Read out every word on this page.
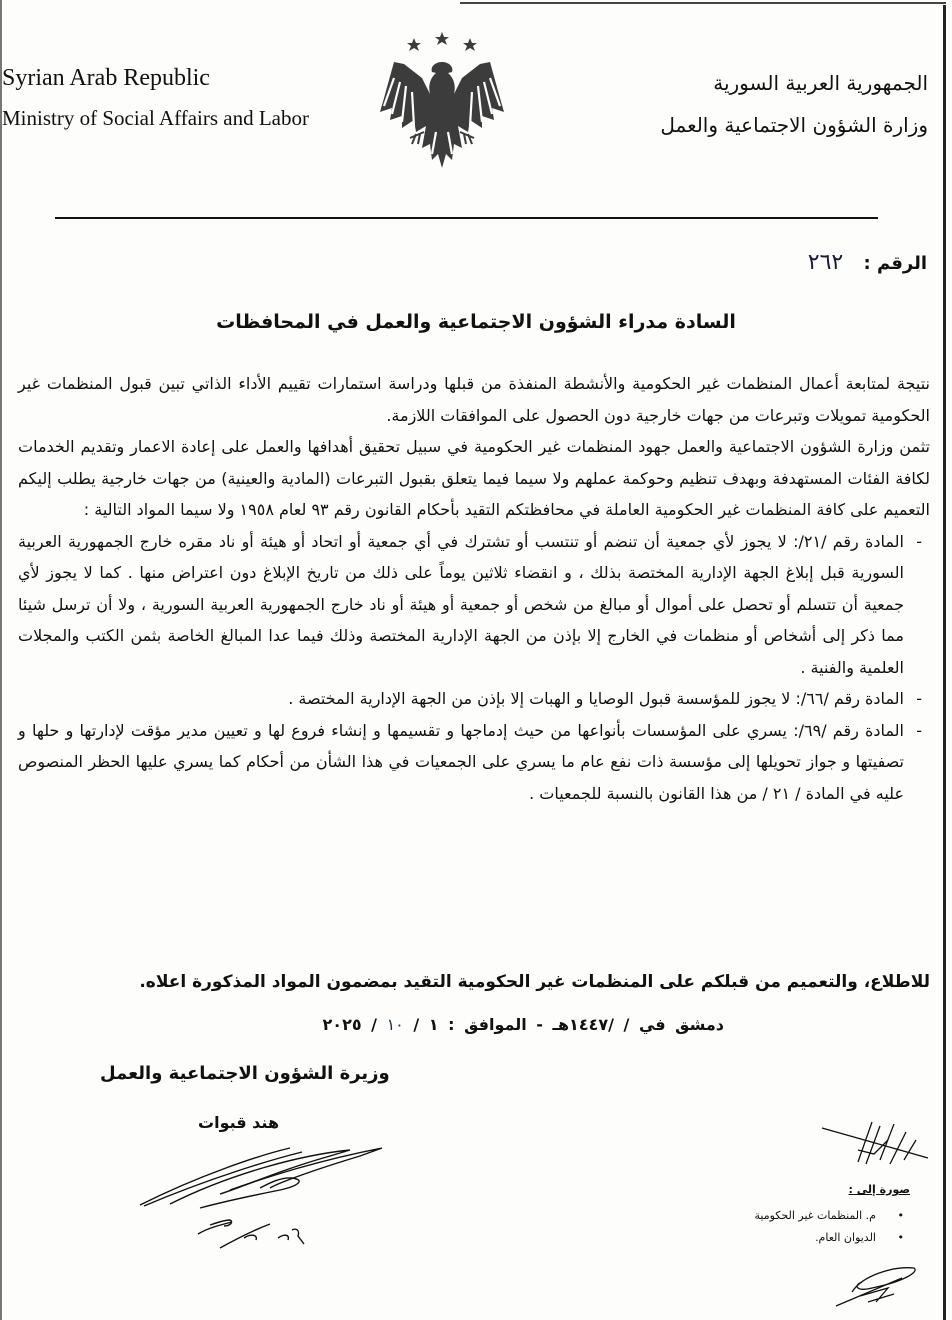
Syrian Arab Republic
Ministry of Social Affairs and Labor
الجمهورية العربية السورية
وزارة الشؤون الاجتماعية والعمل
الرقم : ٢٦٢
السادة مدراء الشؤون الاجتماعية والعمل في المحافظات

نتيجة لمتابعة أعمال المنظمات غير الحكومية والأنشطة المنفذة من قبلها ودراسة استمارات تقييم الأداء الذاتي تبين قبول المنظمات غير الحكومية تمويلات وتبرعات من جهات خارجية دون الحصول على الموافقات اللازمة.

تثمن وزارة الشؤون الاجتماعية والعمل جهود المنظمات غير الحكومية في سبيل تحقيق أهدافها والعمل على إعادة الاعمار وتقديم الخدمات لكافة الفئات المستهدفة وبهدف تنظيم وحوكمة عملهم ولا سيما فيما يتعلق بقبول التبرعات (المادية والعينية) من جهات خارجية يطلب إليكم التعميم على كافة المنظمات غير الحكومية العاملة في محافظتكم التقيد بأحكام القانون رقم ٩٣ لعام ١٩٥٨ ولا سيما المواد التالية :

- المادة رقم /٢١/: لا يجوز لأي جمعية أن تنضم أو تنتسب أو تشترك في أي جمعية أو اتحاد أو هيئة أو ناد مقره خارج الجمهورية العربية السورية قبل إبلاغ الجهة الإدارية المختصة بذلك ، و انقضاء ثلاثين يوماً على ذلك من تاريخ الإبلاغ دون اعتراض منها . كما لا يجوز لأي جمعية أن تتسلم أو تحصل على أموال أو مبالغ من شخص أو جمعية أو هيئة أو ناد خارج الجمهورية العربية السورية ، ولا أن ترسل شيئا مما ذكر إلى أشخاص أو منظمات في الخارج إلا بإذن من الجهة الإدارية المختصة وذلك فيما عدا المبالغ الخاصة بثمن الكتب والمجلات العلمية والفنية .
- المادة رقم /٦٦/: لا يجوز للمؤسسة قبول الوصايا و الهبات إلا بإذن من الجهة الإدارية المختصة .
- المادة رقم /٦٩/: يسري على المؤسسات بأنواعها من حيث إدماجها و تقسيمها و إنشاء فروع لها و تعيين مدير مؤقت لإدارتها و حلها و تصفيتها و جواز تحويلها إلى مؤسسة ذات نفع عام ما يسري على الجمعيات في هذا الشأن من أحكام كما يسري عليها الحظر المنصوص عليه في المادة / ٢١ / من هذا القانون بالنسبة للجمعيات .
للاطلاع، والتعميم من قبلكم على المنظمات غير الحكومية التقيد بمضمون المواد المذكورة اعلاه.
دمشق في / /١٤٤٧هـ - الموافق : ١ / ١٠ / ٢٠٢٥
وزيرة الشؤون الاجتماعية والعمل
هند قبوات
صورة إلى :
• م. المنظمات غير الحكومية
• الديوان العام.
